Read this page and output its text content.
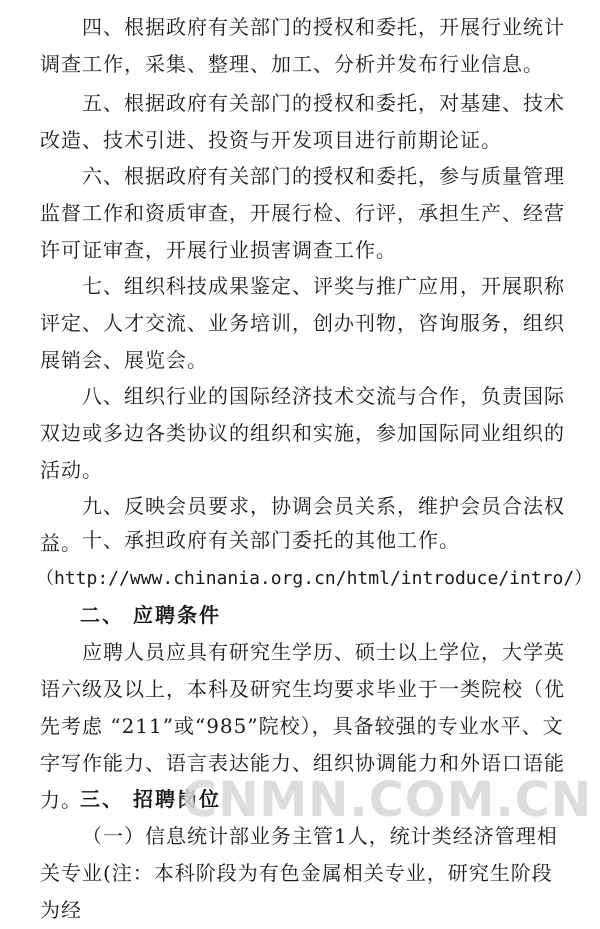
四、根据政府有关部门的授权和委托，开展行业统计调查工作，采集、整理、加工、分析并发布行业信息。

五、根据政府有关部门的授权和委托，对基建、技术改造、技术引进、投资与开发项目进行前期论证。

六、根据政府有关部门的授权和委托，参与质量管理监督工作和资质审查，开展行检、行评，承担生产、经营许可证审查，开展行业损害调查工作。

七、组织科技成果鉴定、评奖与推广应用，开展职称评定、人才交流、业务培训，创办刊物，咨询服务，组织展销会、展览会。

八、组织行业的国际经济技术交流与合作，负责国际双边或多边各类协议的组织和实施，参加国际同业组织的活动。

九、反映会员要求，协调会员关系，维护会员合法权益。 十、承担政府有关部门委托的其他工作。

（http://www.chinania.org.cn/html/introduce/intro/）

二、 应聘条件

应聘人员应具有研究生学历、硕士以上学位，大学英语六级及以上，本科及研究生均要求毕业于一类院校（优先考虑 “211”或“985”院校），具备较强的专业水平、文字写作能力、语言表达能力、组织协调能力和外语口语能力。

三、 招聘岗位

（一）信息统计部业务主管1人，统计类经济管理相关专业(注：本科阶段为有色金属相关专业，研究生阶段为经

CNMN.COM.CN
